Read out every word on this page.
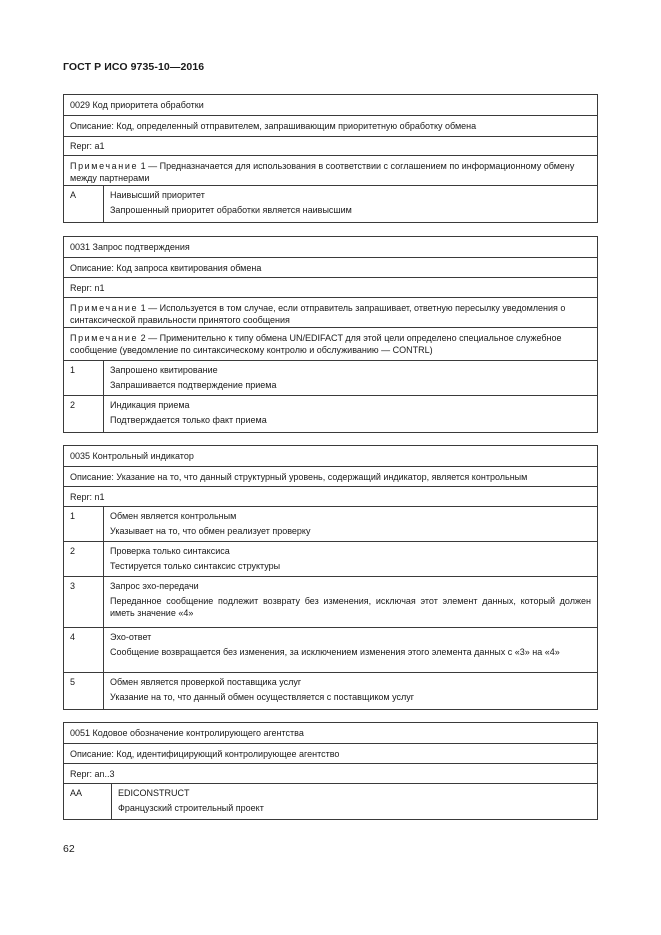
ГОСТ Р ИСО 9735-10—2016
0029 Код приоритета обработки
Описание: Код, определенный отправителем, запрашивающим приоритетную обработку обмена
Repr: a1
Примечание 1 — Предназначается для использования в соответствии с соглашением по информационному обмену между партнерами
A	Наивысший приоритет
Запрошенный приоритет обработки является наивысшим
0031 Запрос подтверждения
Описание: Код запроса квитирования обмена
Repr: n1
Примечание 1 — Используется в том случае, если отправитель запрашивает, ответную пересылку уведомления о синтаксической правильности принятого сообщения
Примечание 2 — Применительно к типу обмена UN/EDIFACT для этой цели определено специальное служебное сообщение (уведомление по синтаксическому контролю и обслуживанию — CONTRL)
1	Запрошено квитирование
Запрашивается подтверждение приема
2	Индикация приема
Подтверждается только факт приема
0035 Контрольный индикатор
Описание: Указание на то, что данный структурный уровень, содержащий индикатор, является контрольным
Repr: n1
1	Обмен является контрольным
Указывает на то, что обмен реализует проверку
2	Проверка только синтаксиса
Тестируется только синтаксис структуры
3	Запрос эхо-передачи
Переданное сообщение подлежит возврату без изменения, исключая этот элемент данных, который должен иметь значение «4»
4	Эхо-ответ
Сообщение возвращается без изменения, за исключением изменения этого элемента данных с «3» на «4»
5	Обмен является проверкой поставщика услуг
Указание на то, что данный обмен осуществляется с поставщиком услуг
0051 Кодовое обозначение контролирующего агентства
Описание: Код, идентифицирующий контролирующее агентство
Repr: an..3
AA	EDICONSTRUCT
Французский строительный проект
62
